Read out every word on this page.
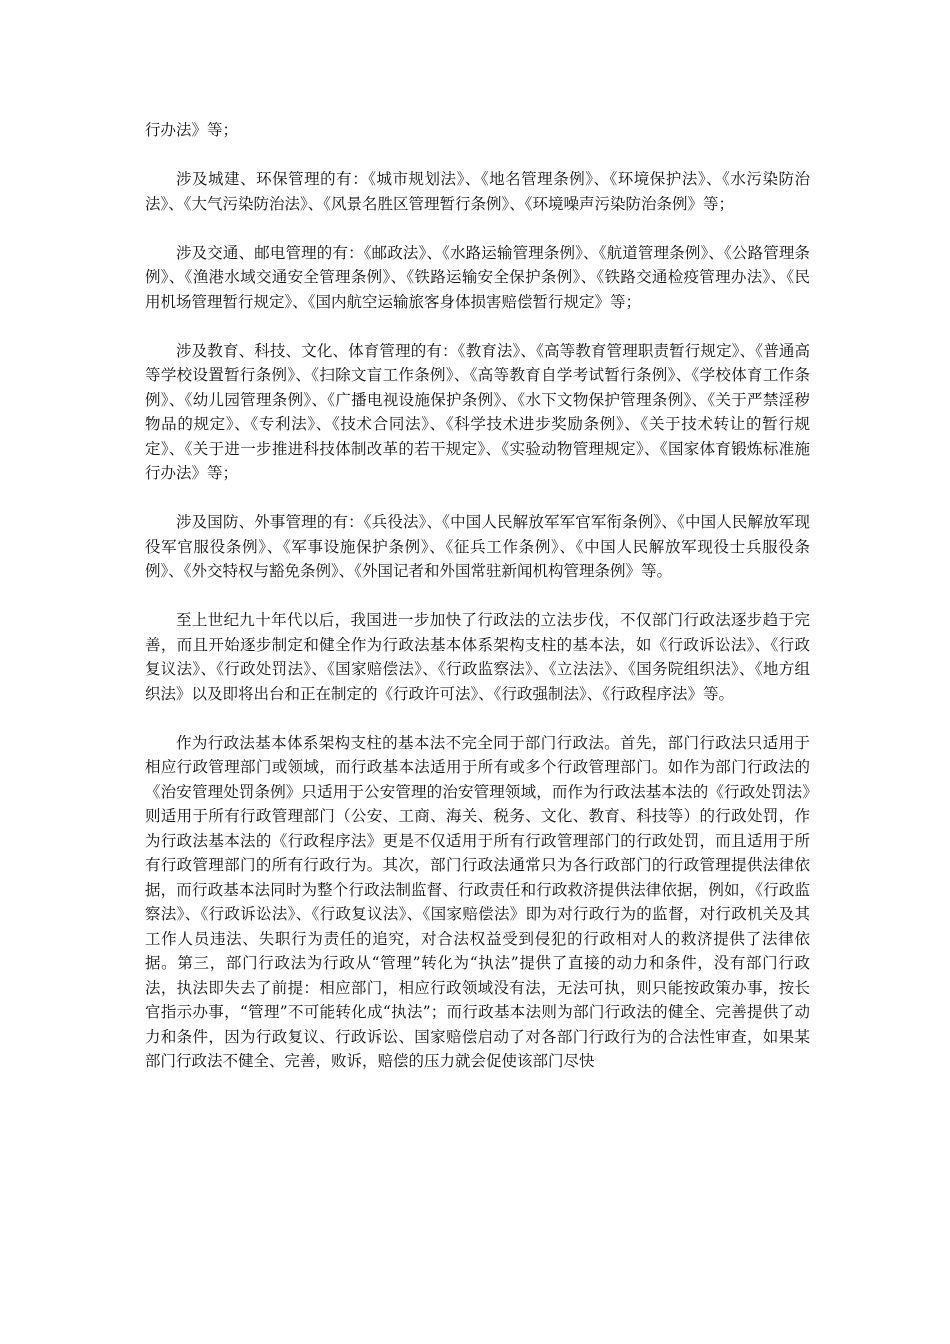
行办法》等；

涉及城建、环保管理的有：《城市规划法》、《地名管理条例》、《环境保护法》、《水污染防治法》、《大气污染防治法》、《风景名胜区管理暂行条例》、《环境噪声污染防治条例》等；

涉及交通、邮电管理的有：《邮政法》、《水路运输管理条例》、《航道管理条例》、《公路管理条例》、《渔港水域交通安全管理条例》、《铁路运输安全保护条例》、《铁路交通检疫管理办法》、《民用机场管理暂行规定》、《国内航空运输旅客身体损害赔偿暂行规定》等；

涉及教育、科技、文化、体育管理的有：《教育法》、《高等教育管理职责暂行规定》、《普通高等学校设置暂行条例》、《扫除文盲工作条例》、《高等教育自学考试暂行条例》、《学校体育工作条例》、《幼儿园管理条例》、《广播电视设施保护条例》、《水下文物保护管理条例》、《关于严禁淫秽物品的规定》、《专利法》、《技术合同法》、《科学技术进步奖励条例》、《关于技术转让的暂行规定》、《关于进一步推进科技体制改革的若干规定》、《实验动物管理规定》、《国家体育锻炼标准施行办法》等；

涉及国防、外事管理的有：《兵役法》、《中国人民解放军军官军衔条例》、《中国人民解放军现役军官服役条例》、《军事设施保护条例》、《征兵工作条例》、《中国人民解放军现役士兵服役条例》、《外交特权与豁免条例》、《外国记者和外国常驻新闻机构管理条例》等。

至上世纪九十年代以后，我国进一步加快了行政法的立法步伐，不仅部门行政法逐步趋于完善，而且开始逐步制定和健全作为行政法基本体系架构支柱的基本法，如《行政诉讼法》、《行政复议法》、《行政处罚法》、《国家赔偿法》、《行政监察法》、《立法法》、《国务院组织法》、《地方组织法》以及即将出台和正在制定的《行政许可法》、《行政强制法》、《行政程序法》等。

作为行政法基本体系架构支柱的基本法不完全同于部门行政法。首先，部门行政法只适用于相应行政管理部门或领域，而行政基本法适用于所有或多个行政管理部门。如作为部门行政法的《治安管理处罚条例》只适用于公安管理的治安管理领域，而作为行政法基本法的《行政处罚法》则适用于所有行政管理部门（公安、工商、海关、税务、文化、教育、科技等）的行政处罚，作为行政法基本法的《行政程序法》更是不仅适用于所有行政管理部门的行政处罚，而且适用于所有行政管理部门的所有行政行为。其次，部门行政法通常只为各行政部门的行政管理提供法律依据，而行政基本法同时为整个行政法制监督、行政责任和行政救济提供法律依据，例如，《行政监察法》、《行政诉讼法》、《行政复议法》、《国家赔偿法》即为对行政行为的监督，对行政机关及其工作人员违法、失职行为责任的追究，对合法权益受到侵犯的行政相对人的救济提供了法律依据。第三，部门行政法为行政从“管理”转化为“执法”提供了直接的动力和条件，没有部门行政法，执法即失去了前提：相应部门，相应行政领域没有法，无法可执，则只能按政策办事，按长官指示办事，“管理”不可能转化成“执法”；而行政基本法则为部门行政法的健全、完善提供了动力和条件，因为行政复议、行政诉讼、国家赔偿启动了对各部门行政行为的合法性审查，如果某部门行政法不健全、完善，败诉，赔偿的压力就会促使该部门尽快
